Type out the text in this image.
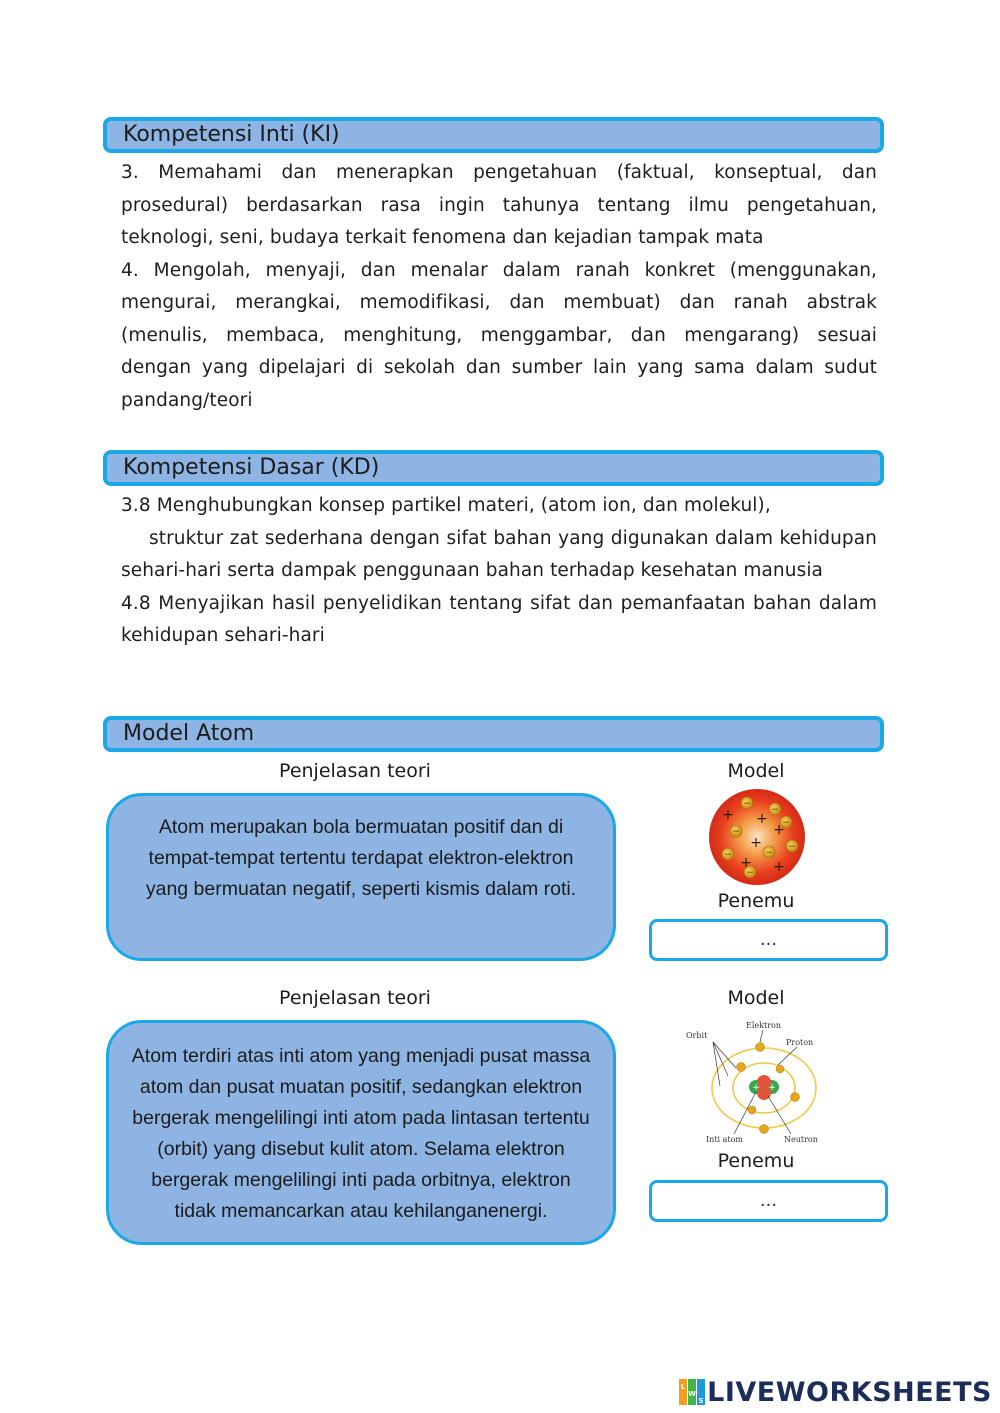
Kompetensi Inti (KI)

3. Memahami dan menerapkan pengetahuan (faktual, konseptual, dan prosedural) berdasarkan rasa ingin tahunya tentang ilmu pengetahuan, teknologi, seni, budaya terkait fenomena dan kejadian tampak mata

4. Mengolah, menyaji, dan menalar dalam ranah konkret (menggunakan, mengurai, merangkai, memodifikasi, dan membuat) dan ranah abstrak (menulis, membaca, menghitung, menggambar, dan mengarang) sesuai dengan yang dipelajari di sekolah dan sumber lain yang sama dalam sudut pandang/teori

Kompetensi Dasar (KD)

3.8 Menghubungkan konsep partikel materi, (atom ion, dan molekul),

struktur zat sederhana dengan sifat bahan yang digunakan dalam kehidupan sehari-hari serta dampak penggunaan bahan terhadap kesehatan manusia

4.8 Menyajikan hasil penyelidikan tentang sifat dan pemanfaatan bahan dalam kehidupan sehari-hari

Model Atom
Penjelasan teori	Model
Atom merupakan bola bermuatan positif dan di tempat-tempat tertentu terdapat elektron-elektron yang bermuatan negatif, seperti kismis dalam roti.
−
−
−
−
−	−
−
−
+ +
+
+
+ +
Penemu
...
Penjelasan teori	Model
Atom terdiri atas inti atom yang menjadi pusat massa atom dan pusat muatan positif, sedangkan elektron bergerak mengelilingi inti atom pada lintasan tertentu (orbit) yang disebut kulit atom. Selama elektron bergerak mengelilingi inti pada orbitnya, elektron tidak memancarkan atau kehilanganenergi.
+ +
Orbit
Elektron
Proton
Inti atom	Neutron
Penemu
...
L
W
S LIVEWORKSHEETS
